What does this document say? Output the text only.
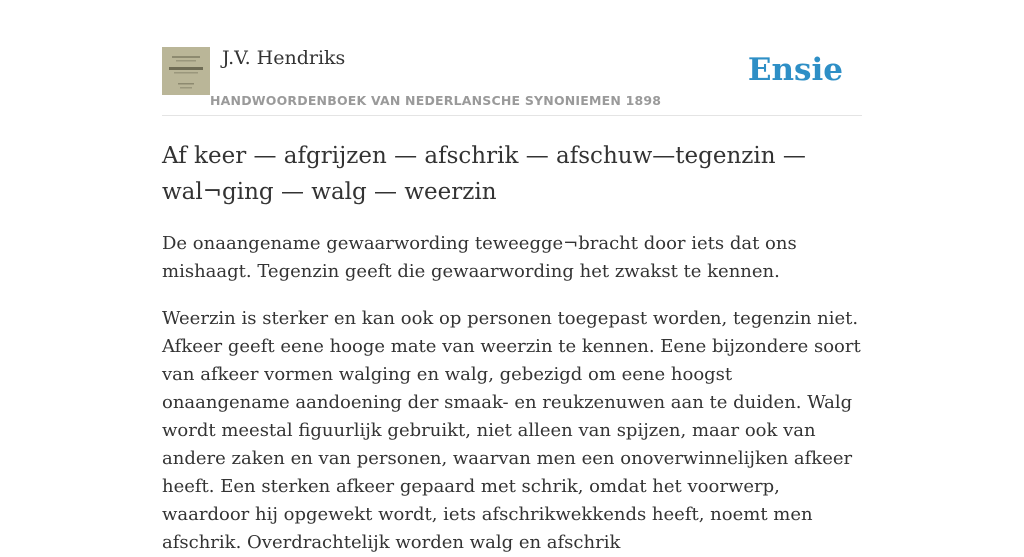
J.V. Hendriks
HANDWOORDENBOEK VAN NEDERLANSCHE SYNONIEMEN 1898
Ensie
Af keer — afgrijzen — afschrik — afschuw—tegenzin — wal¬ging — walg — weerzin

De onaangename gewaarwording teweegge¬bracht door iets dat ons mishaagt. Tegenzin geeft die gewaarwording het zwakst te kennen.

Weerzin is sterker en kan ook op personen toegepast worden, tegenzin niet. Afkeer geeft eene hooge mate van weerzin te kennen. Eene bijzondere soort van afkeer vormen walging en walg, gebezigd om eene hoogst onaangename aandoening der smaak- en reukzenuwen aan te duiden. Walg wordt meestal figuurlijk gebruikt, niet alleen van spijzen, maar ook van andere zaken en van personen, waarvan men een onoverwinnelijken afkeer heeft. Een sterken afkeer gepaard met schrik, omdat het voorwerp, waardoor hij opgewekt wordt, iets afschrikwekkends heeft, noemt men afschrik. Overdrachtelijk worden walg en afschrik
